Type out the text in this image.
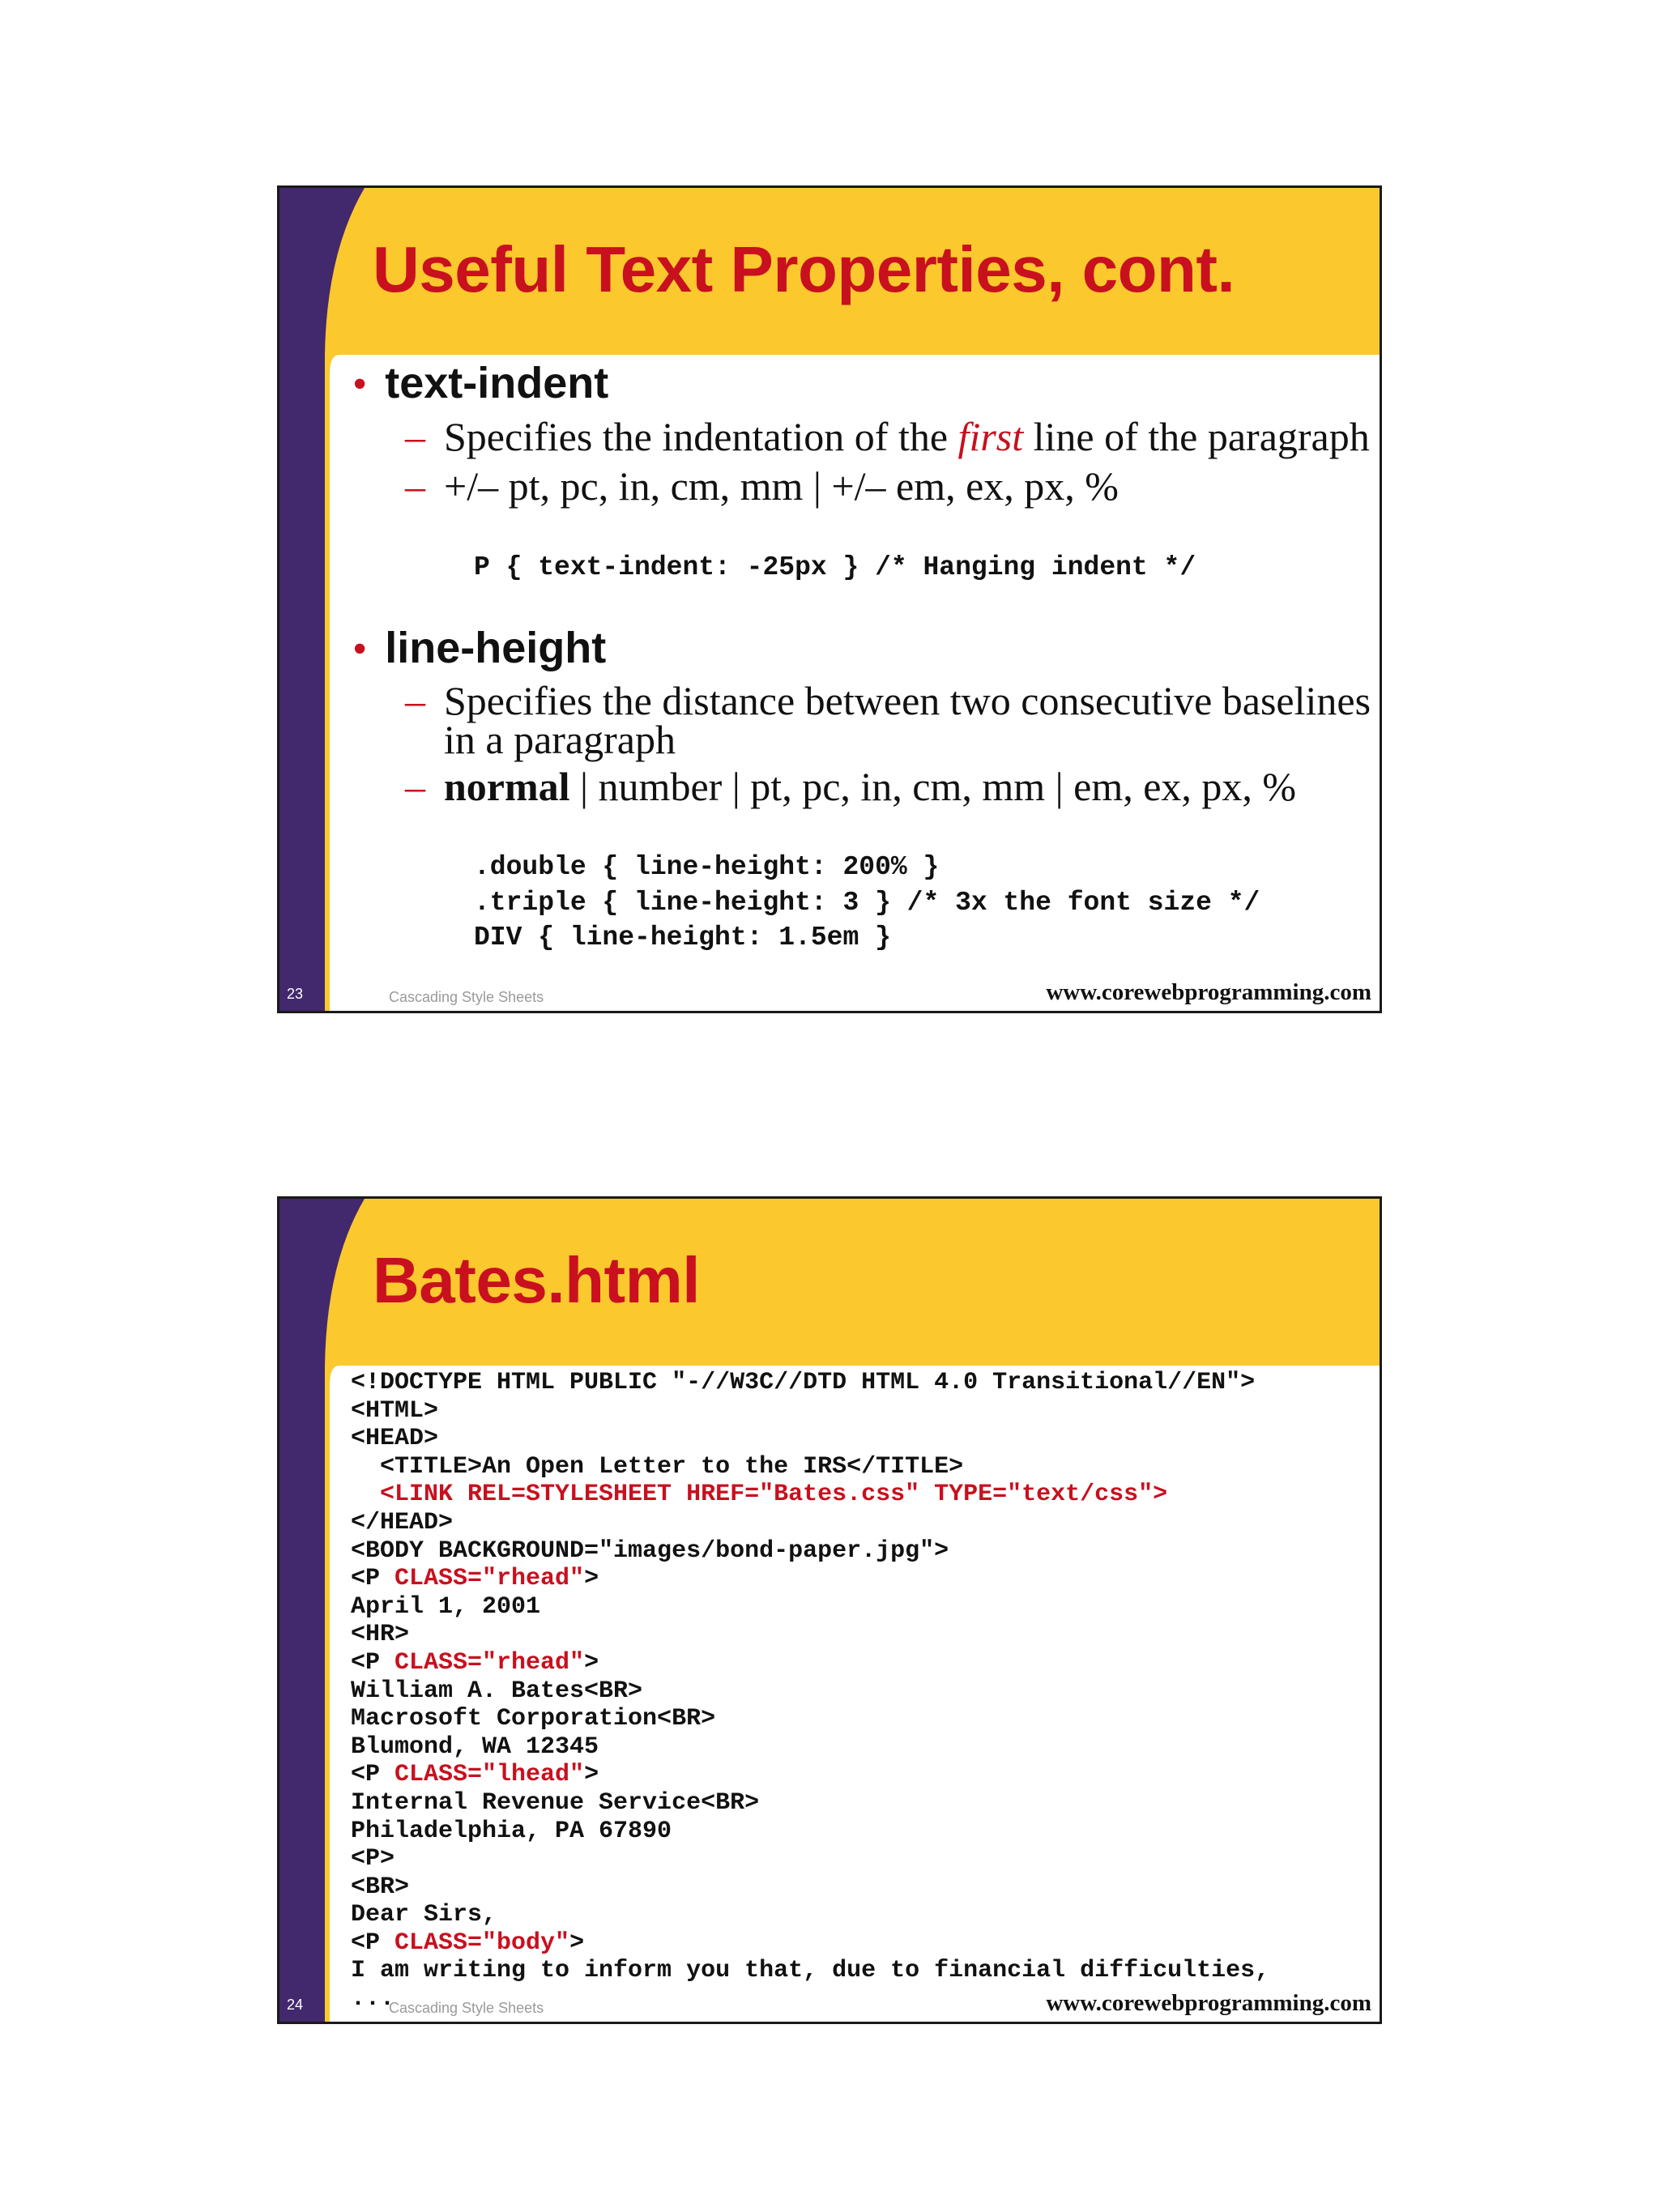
Useful Text Properties, cont.
• text-indent
– Specifies the indentation of the first line of the paragraph
– +/– pt, pc, in, cm, mm | +/– em, ex, px, %
P { text-indent: -25px } /* Hanging indent */
• line-height
– Specifies the distance between two consecutive baselines
in a paragraph
– normal | number | pt, pc, in, cm, mm | em, ex, px, %
.double { line-height: 200% }
.triple { line-height: 3 } /* 3x the font size */
DIV { line-height: 1.5em }
23	Cascading Style Sheets	www.corewebprogramming.com
Bates.html
<!DOCTYPE HTML PUBLIC "-//W3C//DTD HTML 4.0 Transitional//EN">
<HTML>
<HEAD>
<TITLE>An Open Letter to the IRS</TITLE>
<LINK REL=STYLESHEET HREF="Bates.css" TYPE="text/css">
</HEAD>
<BODY BACKGROUND="images/bond-paper.jpg">
<P CLASS="rhead">
April 1, 2001
<HR>
<P CLASS="rhead">
William A. Bates<BR>
Macrosoft Corporation<BR>
Blumond, WA 12345
<P CLASS="lhead">
Internal Revenue Service<BR>
Philadelphia, PA 67890
<P>
<BR>
Dear Sirs,
<P CLASS="body">
I am writing to inform you that, due to financial difficulties,
...
24	Cascading Style Sheets	www.corewebprogramming.com
